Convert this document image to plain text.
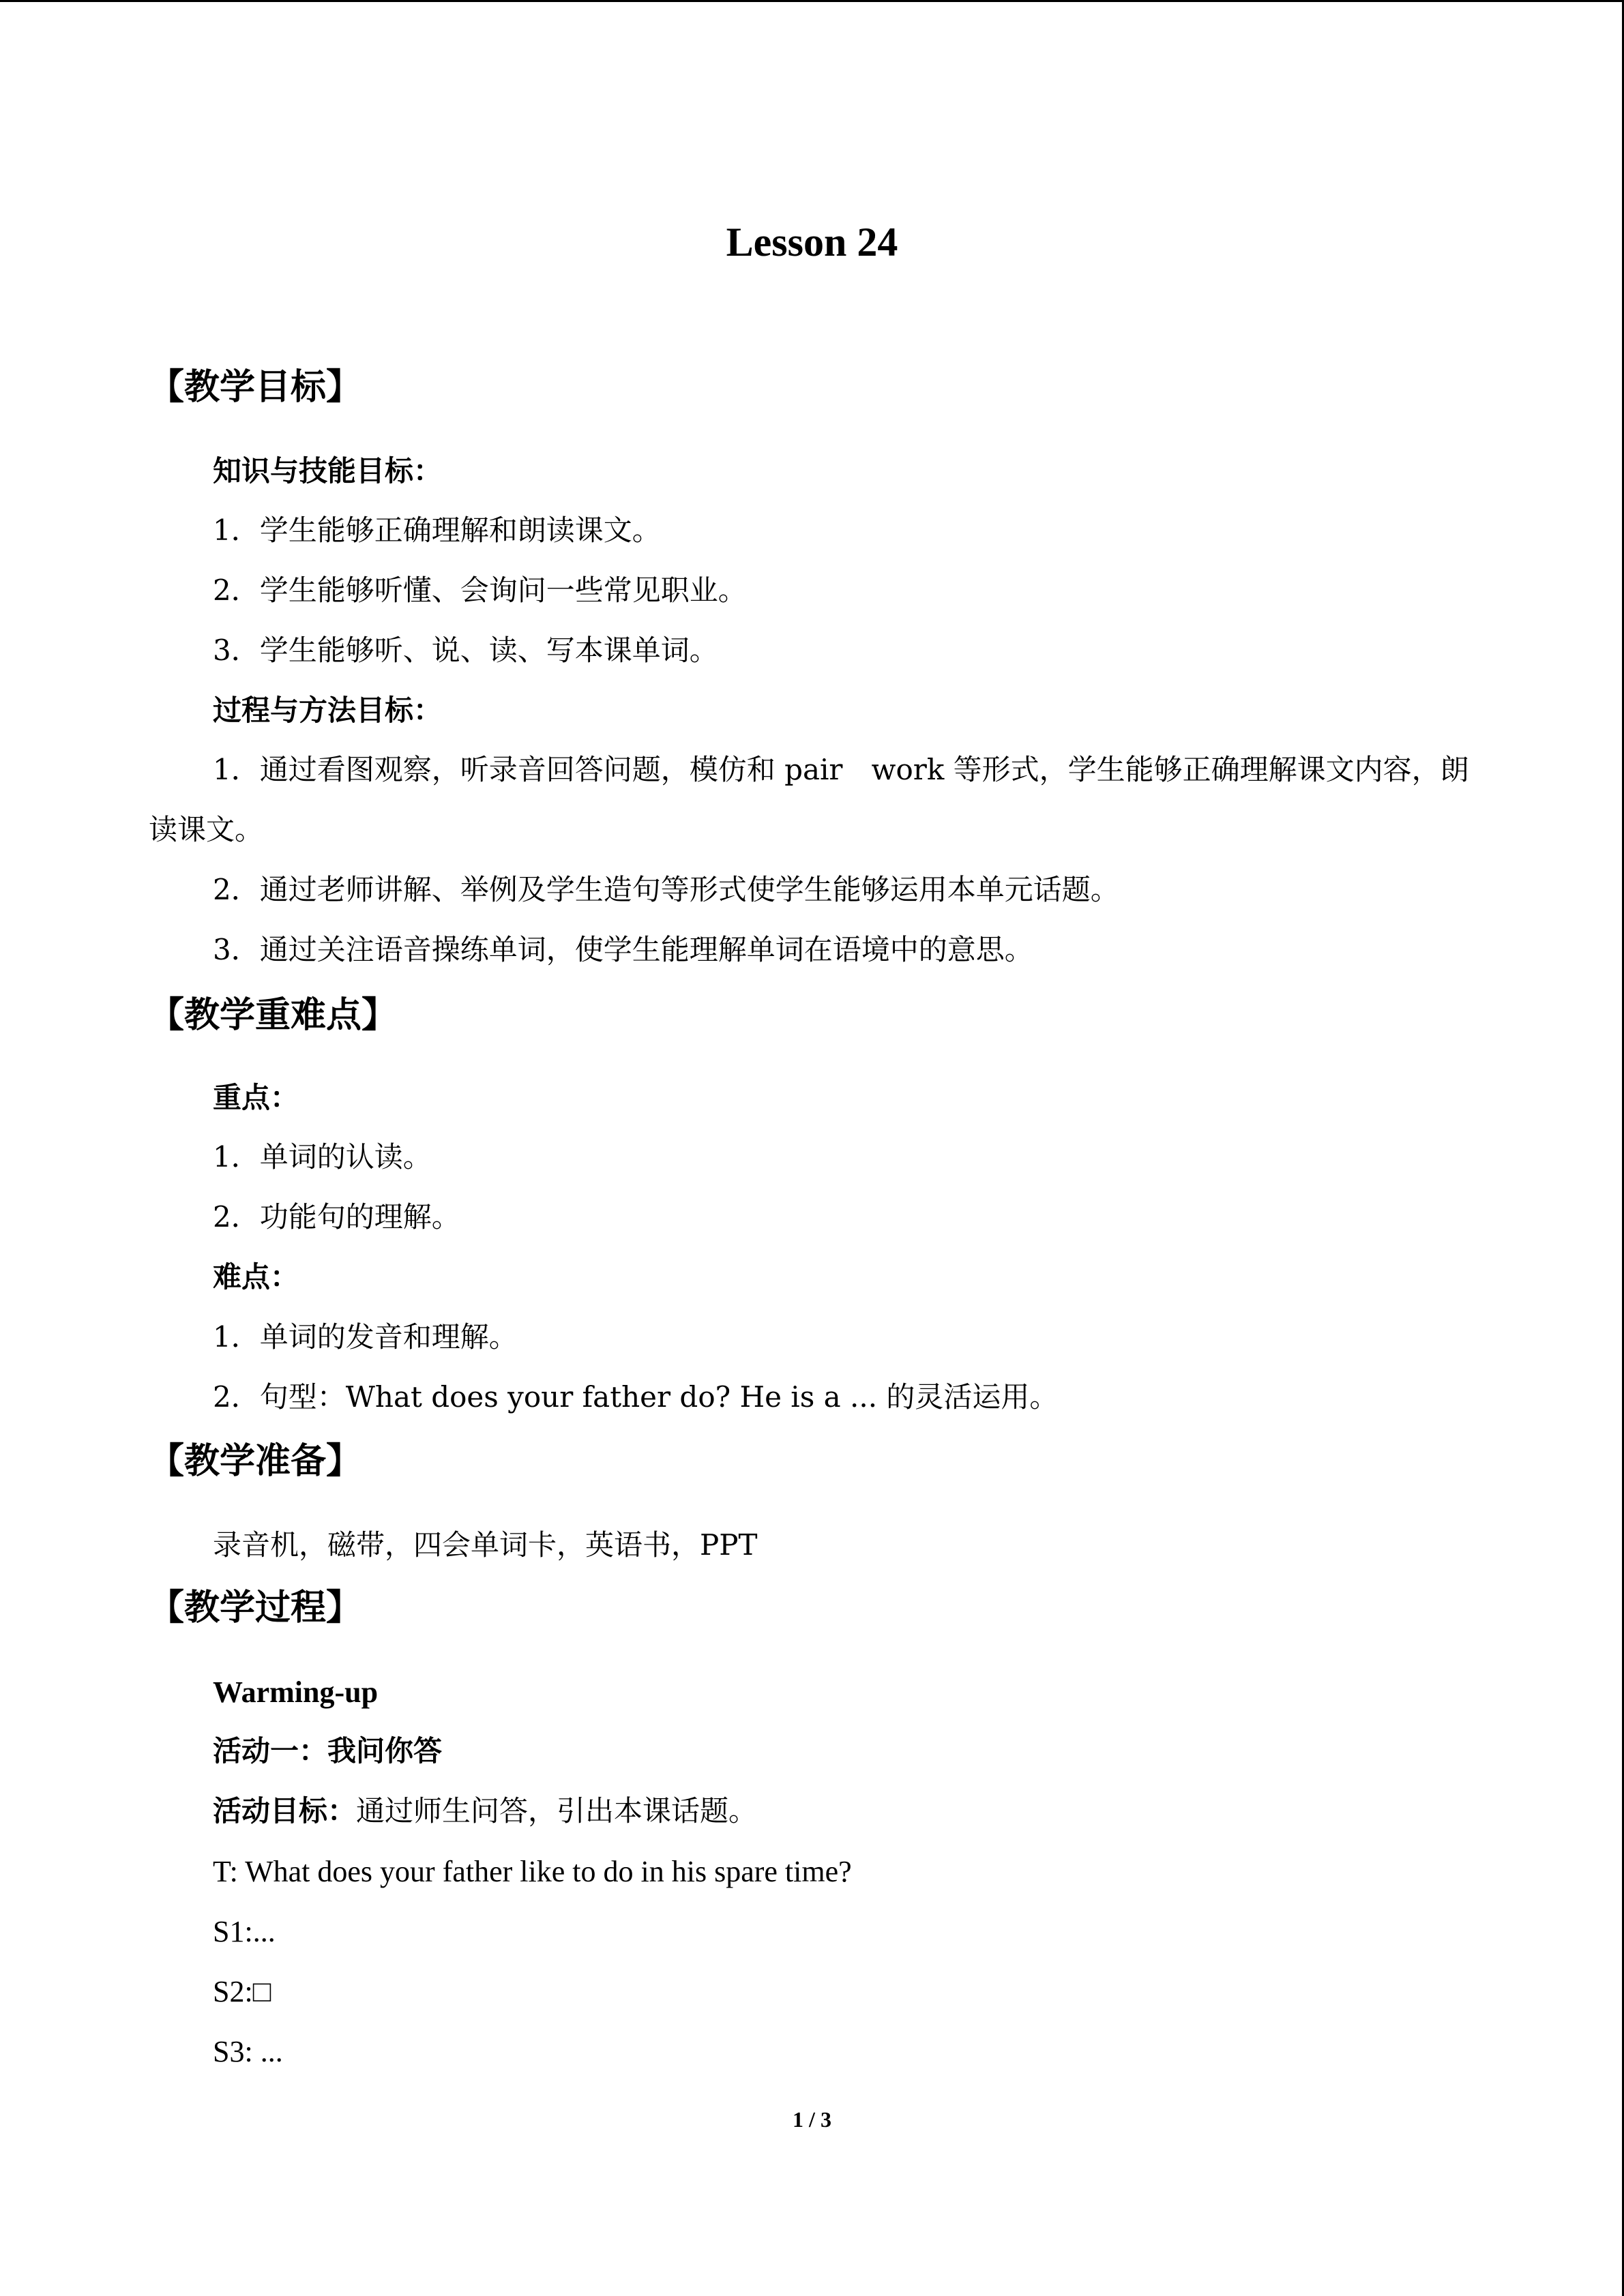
Lesson 24
【教学目标】
知识与技能目标：
1．学生能够正确理解和朗读课文。
2．学生能够听懂、会询问一些常见职业。
3．学生能够听、说、读、写本课单词。
过程与方法目标：
1．通过看图观察，听录音回答问题，模仿和 pair　work 等形式，学生能够正确理解课文内容，朗读课文。
2．通过老师讲解、举例及学生造句等形式使学生能够运用本单元话题。
3．通过关注语音操练单词，使学生能理解单词在语境中的意思。
【教学重难点】
重点：
1．单词的认读。
2．功能句的理解。
难点：
1．单词的发音和理解。
2．句型：What does your father do? He is a ... 的灵活运用。
【教学准备】
录音机，磁带，四会单词卡，英语书，PPT
【教学过程】
Warming-up
活动一：我问你答
活动目标：通过师生问答，引出本课话题。
T: What does your father like to do in his spare time?
S1:...
S2:□
S3: ...
1 / 3
